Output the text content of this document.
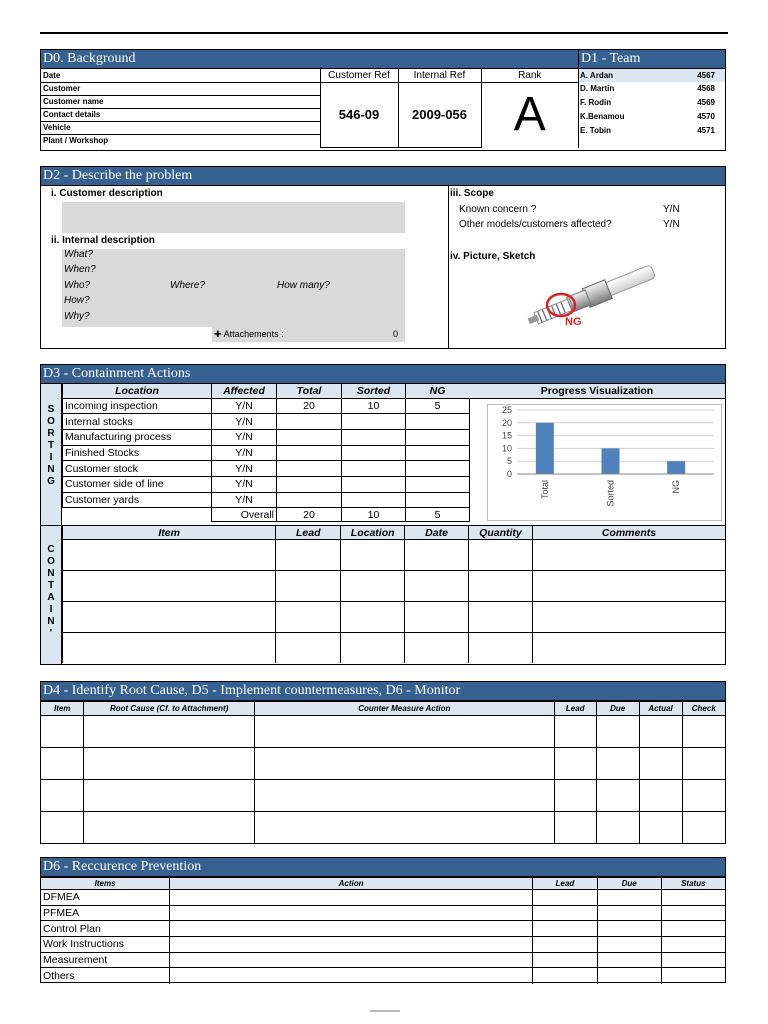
D0. Background
Date	Customer Ref	Internal Ref	Rank
Customer	546-09	2009-056	A
Customer name			
Contact details			
Vehicle			
Plant / Workshop			
D1 - Team
A. Ardan	4567
D. Martin	4568
F. Rodin	4569
K.Benamou	4570
E. Tobin	4571
D2 - Describe the problem
i. Customer description
ii. Internal description
What?
When?
Who?	Where?	How many?
How?
Why?
✚ Attachements :	0
iii. Scope
Known concern ?	Y/N
Other models/customers affected?	Y/N
iv. Picture, Sketch
NG
D3 - Containment Actions
SORTING
Location	Affected	Total	Sorted	NG
Incoming inspection	Y/N	20	10	5
Internal stocks	Y/N			
Manufacturing process	Y/N			
Finished Stocks	Y/N			
Customer stock	Y/N			
Customer side of line	Y/N			
Customer yards	Y/N			
	Overall	20	10	5
Progress Visualization
25
20
15
10
5
0
Total	Sorted	NG
CONTAIN'
Item	Lead	Location	Date	Quantity	Comments

D4 - Identify Root Cause, D5 - Implement countermeasures, D6 - Monitor
Item	Root Cause (Cf. to Attachment)	Counter Measure Action	Lead	Due	Actual	Check

D6 - Reccurence Prevention
Items	Action	Lead	Due	Status
DFMEA				
PFMEA				
Control Plan				
Work Instructions				
Measurement				
Others				
